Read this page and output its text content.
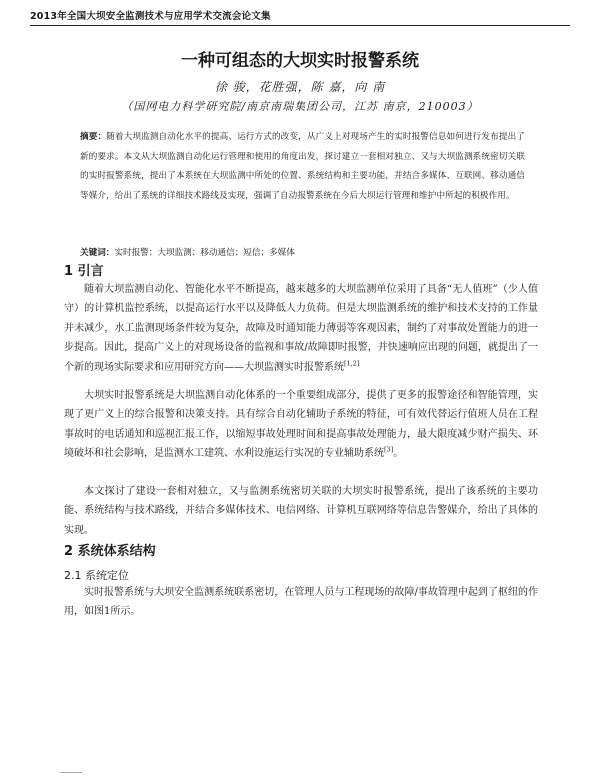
2013年全国大坝安全监测技术与应用学术交流会论文集
一种可组态的大坝实时报警系统
徐 骏，花胜强，陈 嘉，向 南
（国网电力科学研究院/南京南瑞集团公司，江苏 南京，210003）
摘要：随着大坝监测自动化水平的提高、运行方式的改变，从广义上对现场产生的实时报警信息如何进行发布提出了新的要求。本文从大坝监测自动化运行管理和使用的角度出发，探讨建立一套相对独立、又与大坝监测系统密切关联的实时报警系统，提出了本系统在大坝监测中所处的位置、系统结构和主要功能，并结合多媒体、互联网、移动通信等媒介，给出了系统的详细技术路线及实现，强调了自动报警系统在今后大坝运行管理和维护中所起的积极作用。
关键词：实时报警；大坝监测；移动通信；短信；多媒体
1 引言
随着大坝监测自动化、智能化水平不断提高，越来越多的大坝监测单位采用了具备“无人值班”（少人值守）的计算机监控系统，以提高运行水平以及降低人力负荷。但是大坝监测系统的维护和技术支持的工作量并未减少，水工监测现场条件较为复杂，故障及时通知能力薄弱等客观因素，制约了对事故处置能力的进一步提高。因此，提高广义上的对现场设备的监视和事故/故障即时报警，并快速响应出现的问题，就提出了一个新的现场实际要求和应用研究方向——大坝监测实时报警系统[1,2]
大坝实时报警系统是大坝监测自动化体系的一个重要组成部分，提供了更多的报警途径和智能管理，实现了更广义上的综合报警和决策支持。具有综合自动化辅助子系统的特征，可有效代替运行值班人员在工程事故时的电话通知和巡视汇报工作，以缩短事故处理时间和提高事故处理能力，最大限度减少财产损失、环境破坏和社会影响，是监测水工建筑、水利设施运行实况的专业辅助系统[3]。
本文探讨了建设一套相对独立，又与监测系统密切关联的大坝实时报警系统，提出了该系统的主要功能、系统结构与技术路线，并结合多媒体技术、电信网络、计算机互联网络等信息告警媒介，给出了具体的实现。
2 系统体系结构
2.1 系统定位
实时报警系统与大坝安全监测系统联系密切，在管理人员与工程现场的故障/事故管理中起到了枢纽的作用，如图1所示。
